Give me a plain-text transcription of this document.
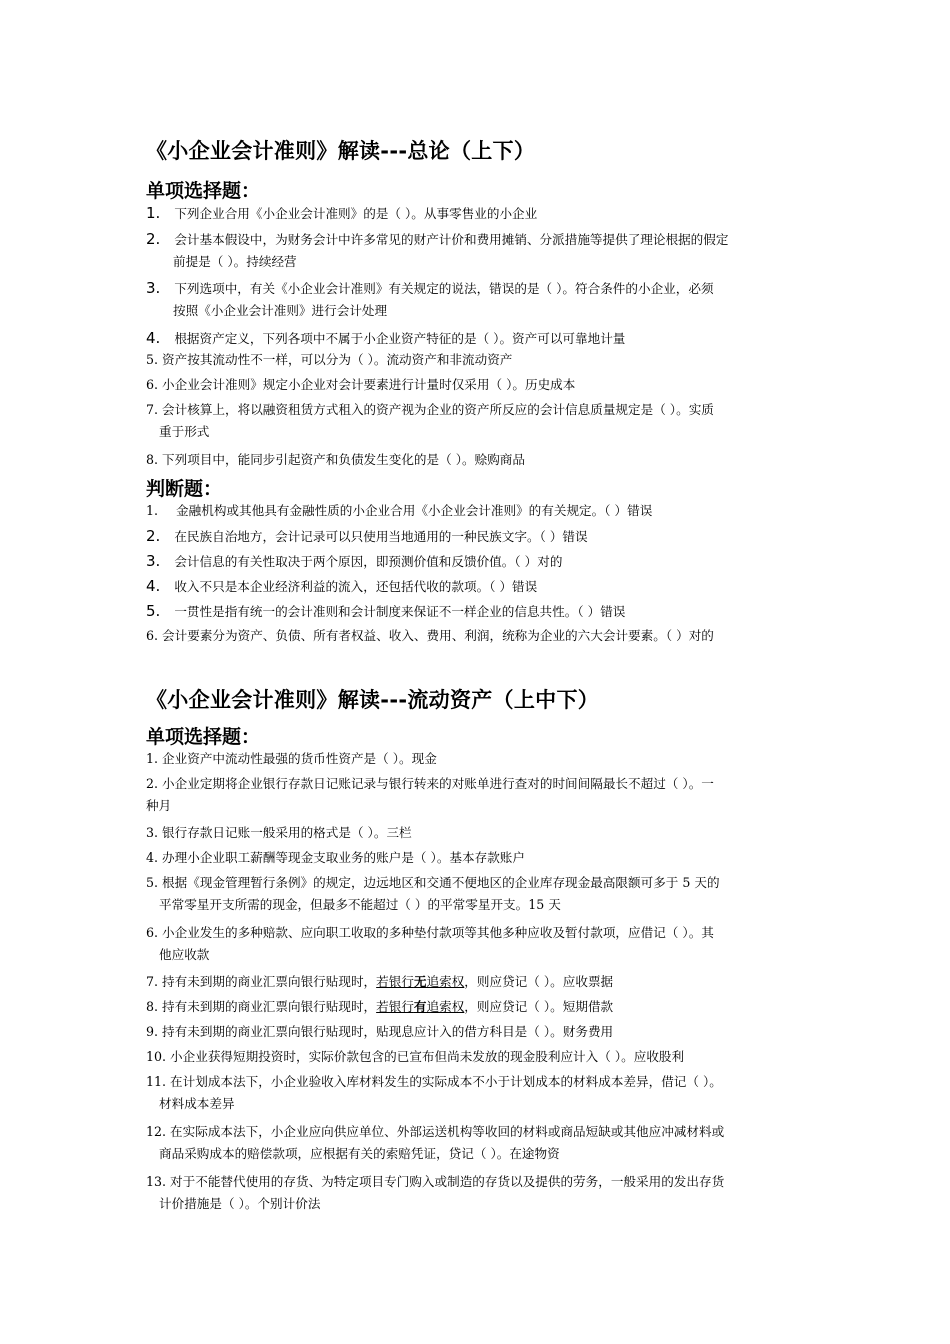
《小企业会计准则》解读---总论（上下）
单项选择题：
1. 下列企业合用《小企业会计准则》的是（ ）。从事零售业的小企业
2. 会计基本假设中，为财务会计中许多常见的财产计价和费用摊销、分派措施等提供了理论根据的假定
前提是（ ）。持续经营
3. 下列选项中，有关《小企业会计准则》有关规定的说法，错误的是（ ）。符合条件的小企业，必须
按照《小企业会计准则》进行会计处理
4. 根据资产定义，下列各项中不属于小企业资产特征的是（ ）。资产可以可靠地计量
5. 资产按其流动性不一样，可以分为（ ）。流动资产和非流动资产
6. 小企业会计准则》规定小企业对会计要素进行计量时仅采用（ ）。历史成本
7. 会计核算上，将以融资租赁方式租入的资产视为企业的资产所反应的会计信息质量规定是（ ）。实质
重于形式
8. 下列项目中，能同步引起资产和负债发生变化的是（ ）。赊购商品
判断题：
1. 金融机构或其他具有金融性质的小企业合用《小企业会计准则》的有关规定。（ ）错误
2. 在民族自治地方，会计记录可以只使用当地通用的一种民族文字。（ ）错误
3. 会计信息的有关性取决于两个原因，即预测价值和反馈价值。（ ）对的
4. 收入不只是本企业经济利益的流入，还包括代收的款项。（ ）错误
5. 一贯性是指有统一的会计准则和会计制度来保证不一样企业的信息共性。（ ）错误
6. 会计要素分为资产、负债、所有者权益、收入、费用、利润，统称为企业的六大会计要素。（ ）对的
《小企业会计准则》解读---流动资产（上中下）
单项选择题：
1. 企业资产中流动性最强的货币性资产是（ ）。现金
2. 小企业定期将企业银行存款日记账记录与银行转来的对账单进行查对的时间间隔最长不超过（ ）。一
种月
3. 银行存款日记账一般采用的格式是（ ）。三栏
4. 办理小企业职工薪酬等现金支取业务的账户是（ ）。基本存款账户
5. 根据《现金管理暂行条例》的规定，边远地区和交通不便地区的企业库存现金最高限额可多于 5 天的
平常零星开支所需的现金，但最多不能超过（ ）的平常零星开支。15 天
6. 小企业发生的多种赔款、应向职工收取的多种垫付款项等其他多种应收及暂付款项，应借记（ ）。其
他应收款
7. 持有未到期的商业汇票向银行贴现时，若银行无追索权，则应贷记（ ）。应收票据
8. 持有未到期的商业汇票向银行贴现时，若银行有追索权，则应贷记（ ）。短期借款
9. 持有未到期的商业汇票向银行贴现时，贴现息应计入的借方科目是（ ）。财务费用
10. 小企业获得短期投资时，实际价款包含的已宣布但尚未发放的现金股利应计入（ ）。应收股利
11. 在计划成本法下，小企业验收入库材料发生的实际成本不小于计划成本的材料成本差异，借记（ ）。
材料成本差异
12. 在实际成本法下，小企业应向供应单位、外部运送机构等收回的材料或商品短缺或其他应冲减材料或
商品采购成本的赔偿款项，应根据有关的索赔凭证，贷记（ ）。在途物资
13. 对于不能替代使用的存货、为特定项目专门购入或制造的存货以及提供的劳务，一般采用的发出存货
计价措施是（ ）。个别计价法
